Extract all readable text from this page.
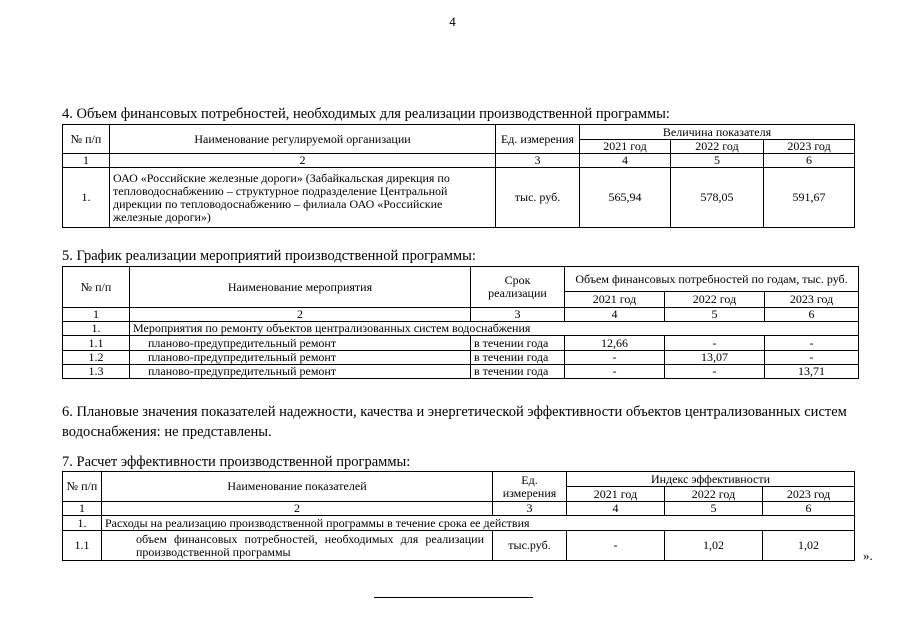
4
4. Объем финансовых потребностей, необходимых для реализации производственной программы:
№ п/п	Наименование регулируемой организации	Ед. измерения	Величина показателя		
			2021 год	2022 год	2023 год
1	2	3	4	5	6
1.	ОАО «Российские железные дороги» (Забайкальская дирекция по тепловодоснабжению – структурное подразделение Центральной дирекции по тепловодоснабжению – филиала ОАО «Российские железные дороги»)	тыс. руб.	565,94	578,05	591,67
5. График реализации мероприятий производственной программы:
№ п/п	Наименование мероприятия	Срок реализации	Объем финансовых потребностей по годам, тыс. руб.		
			2021 год	2022 год	2023 год
1	2	3	4	5	6
1.	Мероприятия по ремонту объектов централизованных систем водоснабжения				
1.1	планово-предупредительный ремонт	в течении года	12,66	-	-
1.2	планово-предупредительный ремонт	в течении года	-	13,07	-
1.3	планово-предупредительный ремонт	в течении года	-	-	13,71
6. Плановые значения показателей надежности, качества и энергетической эффективности объектов централизованных систем водоснабжения: не представлены.
7. Расчет эффективности производственной программы:
№ п/п	Наименование показателей	Ед. измерения	Индекс эффективности		
			2021 год	2022 год	2023 год
1	2	3	4	5	6
1.	Расходы на реализацию производственной программы в течение срока ее действия				
1.1	объем финансовых потребностей, необходимых для реализации производственной программы	тыс.руб.	-	1,02	1,02
».
